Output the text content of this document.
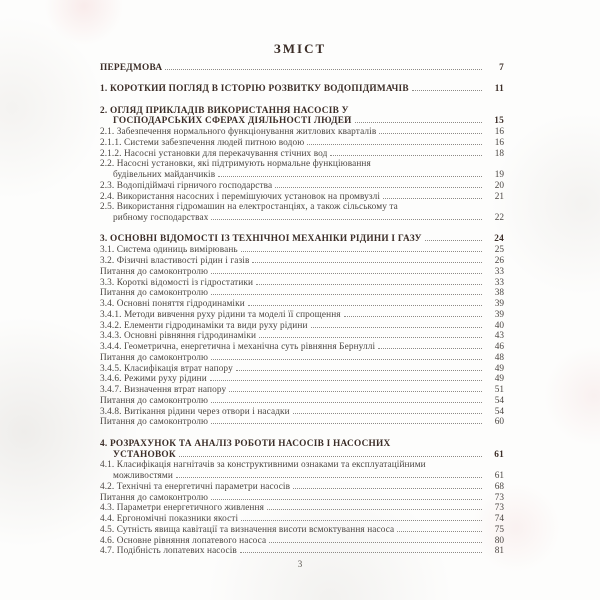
ЗМІСТ
ПЕРЕДМОВА	7
1. КОРОТКИЙ ПОГЛЯД В ІСТОРІЮ РОЗВИТКУ ВОДОПІДЙМАЧІВ	11
2. ОГЛЯД ПРИКЛАДІВ ВИКОРИСТАННЯ НАСОСІВ У
ГОСПОДАРСЬКИХ СФЕРАХ ДІЯЛЬНОСТІ ЛЮДЕЙ	15
2.1. Забезпечення нормального функціонування житлових кварталів	16
2.1.1. Системи забезпечення людей питною водою	16
2.1.2. Насосні установки для перекачування стічних вод	18
2.2. Насосні установки, які підтримують нормальне функціювання
будівельних майданчиків	19
2.3. Водопідіймачі гірничого господарства	20
2.4. Використання насосних і перемішуючих установок на промвузлі	21
2.5. Використання гідромашин на електростанціях, а також сільському та
рибному господарствах	22
3. ОСНОВНІ ВІДОМОСТІ ІЗ ТЕХНІЧНОЇ МЕХАНІКИ РІДИНИ І ГАЗУ	24
3.1. Система одиниць вимірювань	25
3.2. Фізичні властивості рідин і газів	26
Питання до самоконтролю	33
3.3. Короткі відомості із гідростатики	33
Питання до самоконтролю	38
3.4. Основні поняття гідродинаміки	39
3.4.1. Методи вивчення руху рідини та моделі її спрощення	39
3.4.2. Елементи гідродинаміки та види руху рідини	40
3.4.3. Основні рівняння гідродинаміки	43
3.4.4. Геометрична, енергетична і механічна суть рівняння Бернуллі	46
Питання до самоконтролю	48
3.4.5. Класифікація втрат напору	49
3.4.6. Режими руху рідини	49
3.4.7. Визначення втрат напору	51
Питання до самоконтролю	54
3.4.8. Витікання рідини через отвори і насадки	54
Питання до самоконтролю	60
4. РОЗРАХУНОК ТА АНАЛІЗ РОБОТИ НАСОСІВ І НАСОСНИХ
УСТАНОВОК	61
4.1. Класифікація нагнітачів за конструктивними ознаками та експлуатаційними
можливостями	61
4.2. Технічні та енергетичні параметри насосів	68
Питання до самоконтролю	73
4.3. Параметри енергетичного живлення	73
4.4. Ергономічні показники якості	74
4.5. Сутність явища кавітації та визначення висоти всмоктування насоса	75
4.6. Основне рівняння лопатевого насоса	80
4.7. Подібність лопатевих насосів	81
3
